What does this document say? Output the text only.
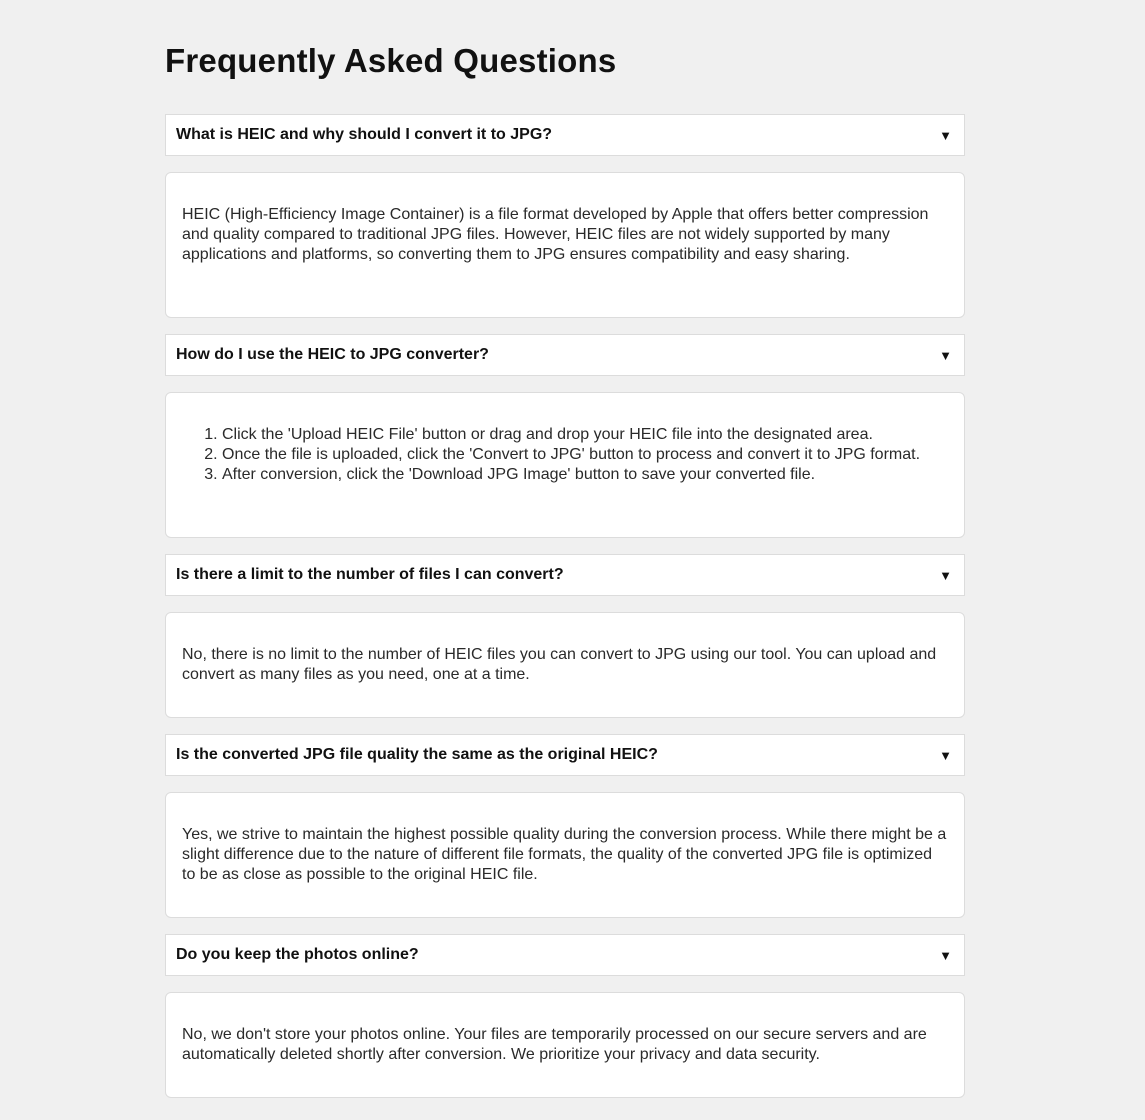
Frequently Asked Questions
What is HEIC and why should I convert it to JPG?	▼

HEIC (High-Efficiency Image Container) is a file format developed by Apple that offers better compression and quality compared to traditional JPG files. However, HEIC files are not widely supported by many applications and platforms, so converting them to JPG ensures compatibility and easy sharing.

How do I use the HEIC to JPG converter?	▼
1. Click the 'Upload HEIC File' button or drag and drop your HEIC file into the designated area.
2. Once the file is uploaded, click the 'Convert to JPG' button to process and convert it to JPG format.
3. After conversion, click the 'Download JPG Image' button to save your converted file.
Is there a limit to the number of files I can convert?	▼

No, there is no limit to the number of HEIC files you can convert to JPG using our tool. You can upload and convert as many files as you need, one at a time.

Is the converted JPG file quality the same as the original HEIC?	▼

Yes, we strive to maintain the highest possible quality during the conversion process. While there might be a slight difference due to the nature of different file formats, the quality of the converted JPG file is optimized to be as close as possible to the original HEIC file.

Do you keep the photos online?	▼

No, we don't store your photos online. Your files are temporarily processed on our secure servers and are automatically deleted shortly after conversion. We prioritize your privacy and data security.
